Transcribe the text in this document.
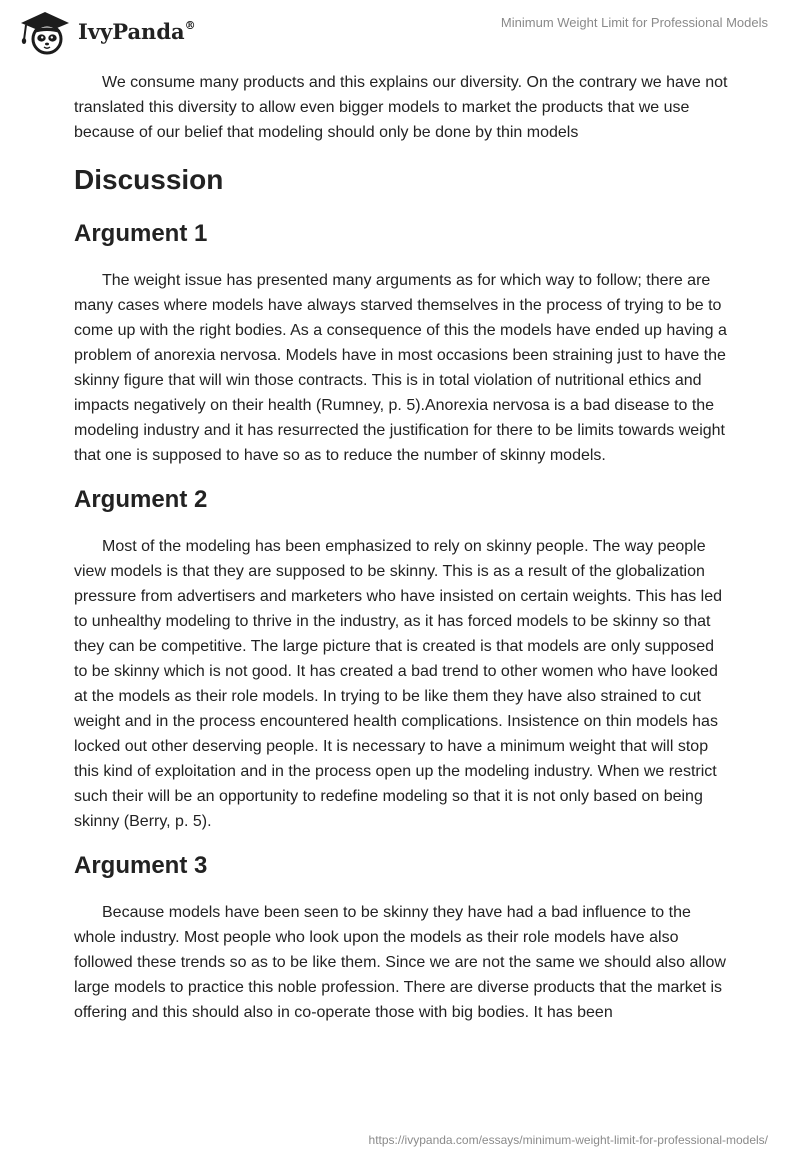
IvyPanda®	Minimum Weight Limit for Professional Models

We consume many products and this explains our diversity. On the contrary we have not translated this diversity to allow even bigger models to market the products that we use because of our belief that modeling should only be done by thin models

Discussion
Argument 1

The weight issue has presented many arguments as for which way to follow; there are many cases where models have always starved themselves in the process of trying to be to come up with the right bodies. As a consequence of this the models have ended up having a problem of anorexia nervosa. Models have in most occasions been straining just to have the skinny figure that will win those contracts. This is in total violation of nutritional ethics and impacts negatively on their health (Rumney, p. 5).Anorexia nervosa is a bad disease to the modeling industry and it has resurrected the justification for there to be limits towards weight that one is supposed to have so as to reduce the number of skinny models.

Argument 2

Most of the modeling has been emphasized to rely on skinny people. The way people view models is that they are supposed to be skinny. This is as a result of the globalization pressure from advertisers and marketers who have insisted on certain weights. This has led to unhealthy modeling to thrive in the industry, as it has forced models to be skinny so that they can be competitive. The large picture that is created is that models are only supposed to be skinny which is not good. It has created a bad trend to other women who have looked at the models as their role models. In trying to be like them they have also strained to cut weight and in the process encountered health complications. Insistence on thin models has locked out other deserving people. It is necessary to have a minimum weight that will stop this kind of exploitation and in the process open up the modeling industry. When we restrict such their will be an opportunity to redefine modeling so that it is not only based on being skinny (Berry, p. 5).

Argument 3

Because models have been seen to be skinny they have had a bad influence to the whole industry. Most people who look upon the models as their role models have also followed these trends so as to be like them. Since we are not the same we should also allow large models to practice this noble profession. There are diverse products that the market is offering and this should also in co-operate those with big bodies. It has been

https://ivypanda.com/essays/minimum-weight-limit-for-professional-models/
